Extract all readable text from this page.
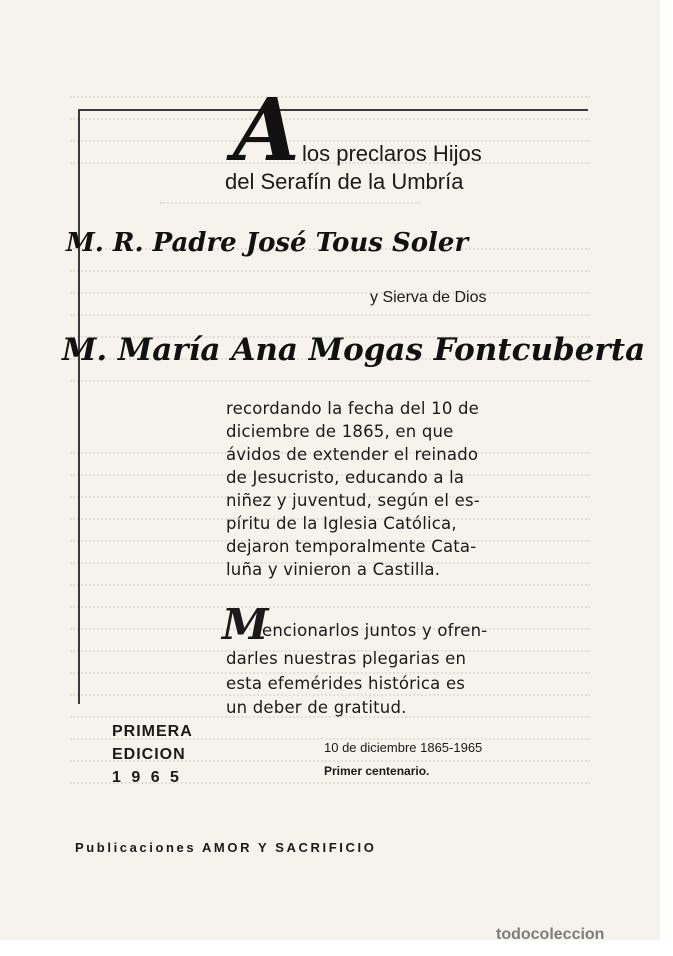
A los preclaros Hijos
del Serafín de la Umbría
M. R. Padre José Tous Soler
y Sierva de Dios
M. María Ana Mogas Fontcuberta
recordando la fecha del 10 de
diciembre de 1865, en que
ávidos de extender el reinado
de Jesucristo, educando a la
niñez y juventud, según el es-
píritu de la Iglesia Católica,
dejaron temporalmente Cata-
luña y vinieron a Castilla.
M
encionarlos juntos y ofren-
darles nuestras plegarias en
esta efemérides histórica es
un deber de gratitud.
PRIMERA
EDICION
1 9 6 5
10 de diciembre 1865-1965
Primer centenario.
Publicaciones AMOR Y SACRIFICIO
todocoleccion
